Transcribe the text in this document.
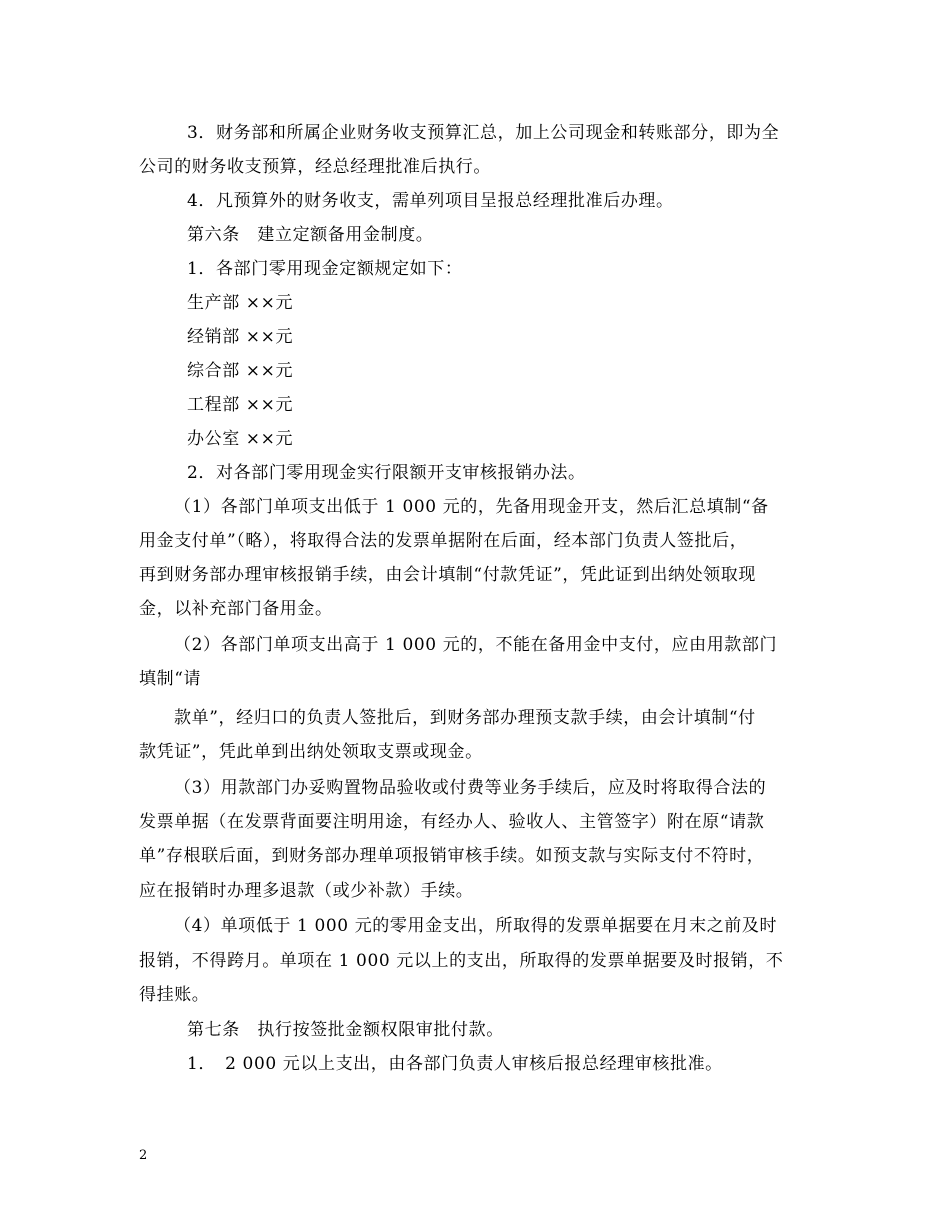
3．财务部和所属企业财务收支预算汇总，加上公司现金和转账部分，即为全
公司的财务收支预算，经总经理批准后执行。
4．凡预算外的财务收支，需单列项目呈报总经理批准后办理。
第六条　建立定额备用金制度。
1．各部门零用现金定额规定如下：
生产部 ××元
经销部 ××元
综合部 ××元
工程部 ××元
办公室 ××元
2．对各部门零用现金实行限额开支审核报销办法。
（1）各部门单项支出低于 1 000 元的，先备用现金开支，然后汇总填制“备
用金支付单”（略），将取得合法的发票单据附在后面，经本部门负责人签批后，
再到财务部办理审核报销手续，由会计填制“付款凭证”，凭此证到出纳处领取现
金，以补充部门备用金。
（2）各部门单项支出高于 1 000 元的，不能在备用金中支付，应由用款部门
填制“请
款单”，经归口的负责人签批后，到财务部办理预支款手续，由会计填制“付
款凭证”，凭此单到出纳处领取支票或现金。
（3）用款部门办妥购置物品验收或付费等业务手续后，应及时将取得合法的
发票单据（在发票背面要注明用途，有经办人、验收人、主管签字）附在原“请款
单”存根联后面，到财务部办理单项报销审核手续。如预支款与实际支付不符时，
应在报销时办理多退款（或少补款）手续。
（4）单项低于 1 000 元的零用金支出，所取得的发票单据要在月末之前及时
报销，不得跨月。单项在 1 000 元以上的支出，所取得的发票单据要及时报销，不
得挂账。
第七条　执行按签批金额权限审批付款。
1．　2 000 元以上支出，由各部门负责人审核后报总经理审核批准。
2
